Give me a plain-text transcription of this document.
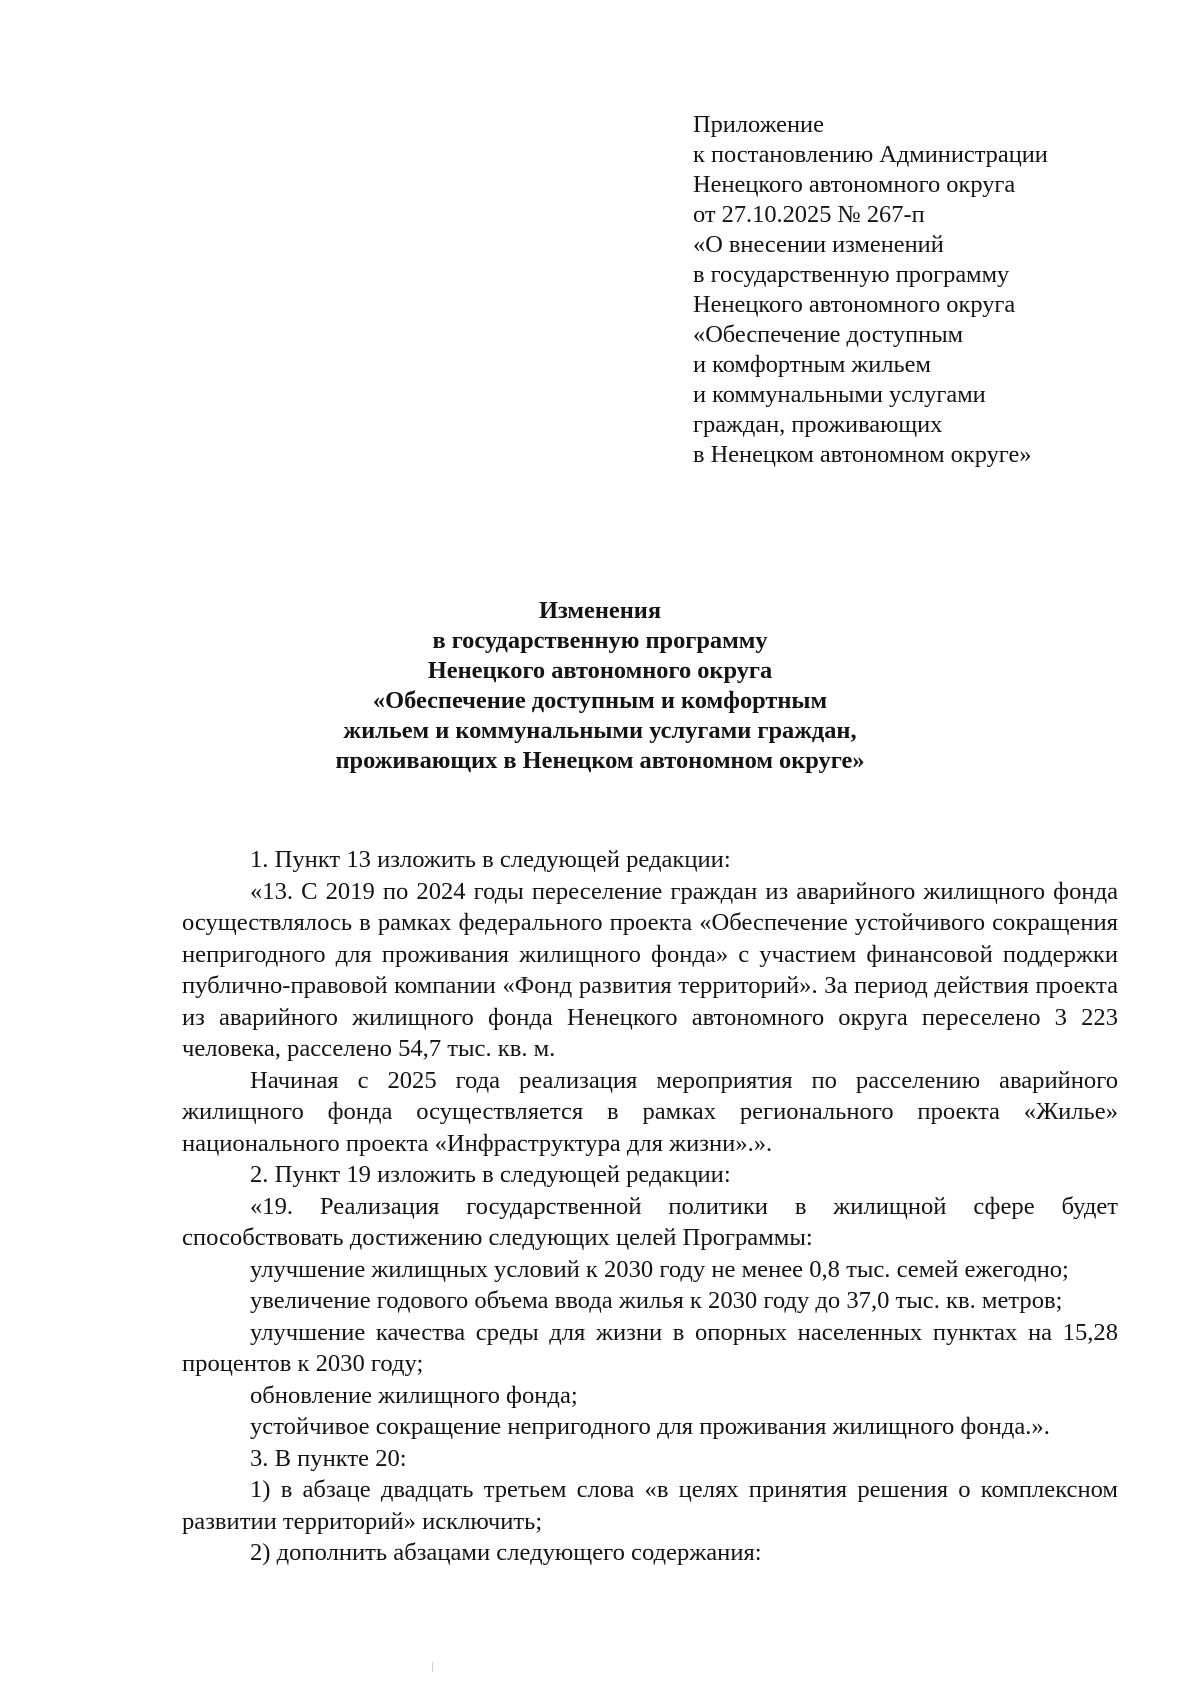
Приложение
к постановлению Администрации
Ненецкого автономного округа
от 27.10.2025 № 267-п
«О внесении изменений
в государственную программу
Ненецкого автономного округа
«Обеспечение доступным
и комфортным жильем
и коммунальными услугами
граждан, проживающих
в Ненецком автономном округе»
Изменения
в государственную программу
Ненецкого автономного округа
«Обеспечение доступным и комфортным
жильем и коммунальными услугами граждан,
проживающих в Ненецком автономном округе»

1. Пункт 13 изложить в следующей редакции:

«13. С 2019 по 2024 годы переселение граждан из аварийного жилищного фонда осуществлялось в рамках федерального проекта «Обеспечение устойчивого сокращения непригодного для проживания жилищного фонда» с участием финансовой поддержки публично-правовой компании «Фонд развития территорий». За период действия проекта из аварийного жилищного фонда Ненецкого автономного округа переселено 3 223 человека, расселено 54,7 тыс. кв. м.

Начиная с 2025 года реализация мероприятия по расселению аварийного жилищного фонда осуществляется в рамках регионального проекта «Жилье» национального проекта «Инфраструктура для жизни».».

2. Пункт 19 изложить в следующей редакции:

«19. Реализация государственной политики в жилищной сфере будет способствовать достижению следующих целей Программы:

улучшение жилищных условий к 2030 году не менее 0,8 тыс. семей ежегодно;

увеличение годового объема ввода жилья к 2030 году до 37,0 тыс. кв. метров;

улучшение качества среды для жизни в опорных населенных пунктах на 15,28 процентов к 2030 году;

обновление жилищного фонда;

устойчивое сокращение непригодного для проживания жилищного фонда.».

3. В пункте 20:

1) в абзаце двадцать третьем слова «в целях принятия решения о комплексном развитии территорий» исключить;

2) дополнить абзацами следующего содержания:
